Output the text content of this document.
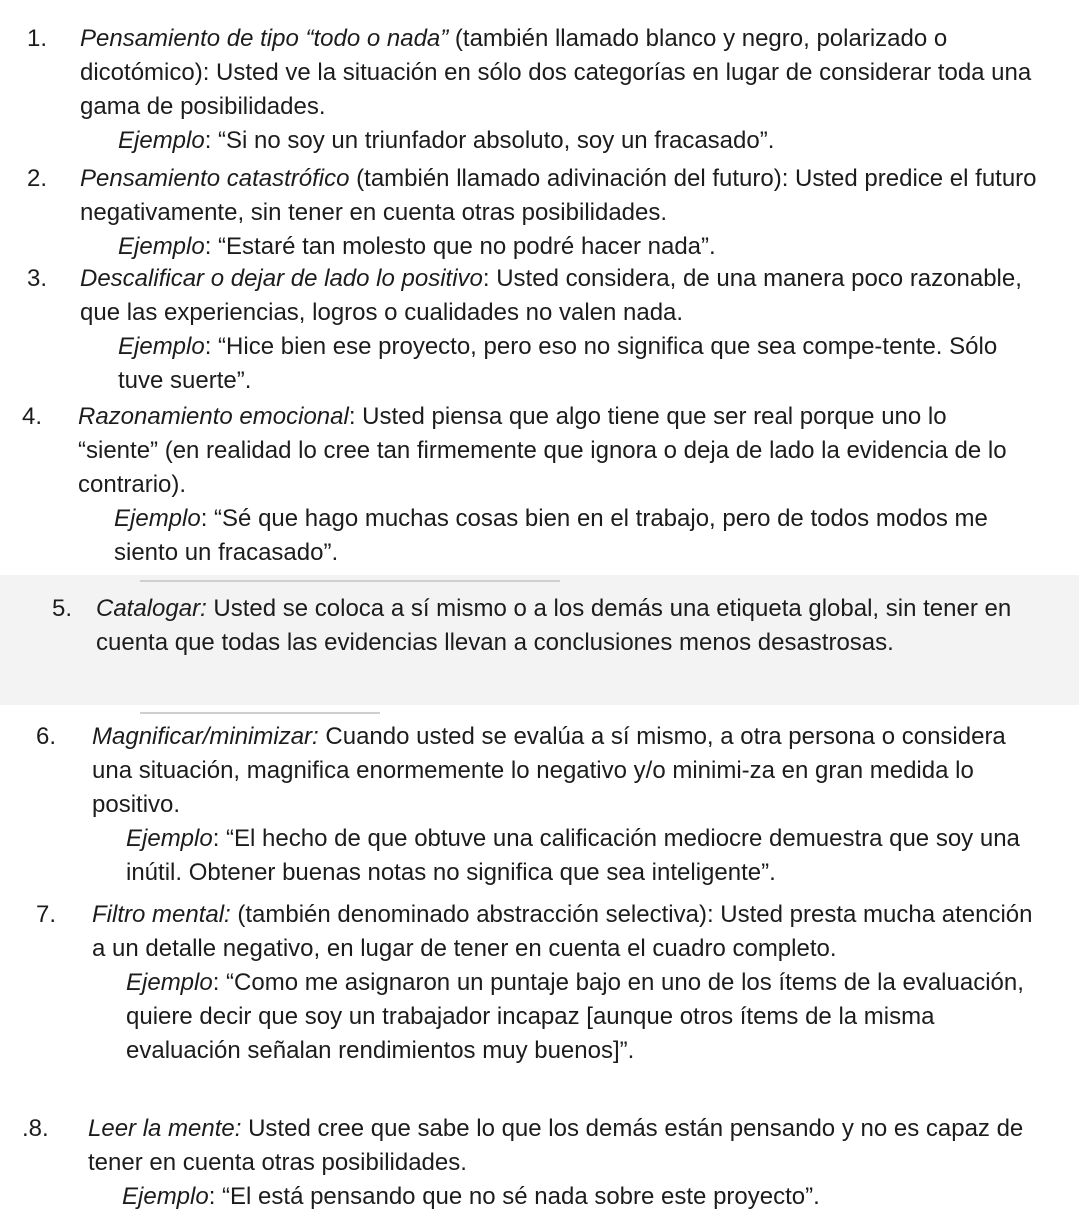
1.	Pensamiento de tipo “todo o nada” (también llamado blanco y negro, polarizado o dicotómico): Usted ve la situación en sólo dos categorías en lugar de considerar toda una gama de posibilidades.
Ejemplo: “Si no soy un triunfador absoluto, soy un fracasado”.
2.	Pensamiento catastrófico (también llamado adivinación del futuro): Usted predice el futuro negativamente, sin tener en cuenta otras posibilidades.
Ejemplo: “Estaré tan molesto que no podré hacer nada”.
3.	Descalificar o dejar de lado lo positivo: Usted considera, de una manera poco razonable, que las experiencias, logros o cualidades no valen nada.
Ejemplo: “Hice bien ese proyecto, pero eso no significa que sea compe-tente. Sólo tuve suerte”.
4.	Razonamiento emocional: Usted piensa que algo tiene que ser real porque uno lo “siente” (en realidad lo cree tan firmemente que ignora o deja de lado la evidencia de lo contrario).
Ejemplo: “Sé que hago muchas cosas bien en el trabajo, pero de todos modos me siento un fracasado”.
5. Catalogar: Usted se coloca a sí mismo o a los demás una etiqueta global, sin tener en cuenta que todas las evidencias llevan a conclusiones menos desastrosas.
6.	Magnificar/minimizar: Cuando usted se evalúa a sí mismo, a otra persona o considera una situación, magnifica enormemente lo negativo y/o minimi-za en gran medida lo positivo.
Ejemplo: “El hecho de que obtuve una calificación mediocre demuestra que soy una inútil. Obtener buenas notas no significa que sea inteligente”.
7.	Filtro mental: (también denominado abstracción selectiva): Usted presta mucha atención a un detalle negativo, en lugar de tener en cuenta el cuadro completo.
Ejemplo: “Como me asignaron un puntaje bajo en uno de los ítems de la evaluación, quiere decir que soy un trabajador incapaz [aunque otros ítems de la misma evaluación señalan rendimientos muy buenos]”.
.8.	Leer la mente: Usted cree que sabe lo que los demás están pensando y no es capaz de tener en cuenta otras posibilidades.
Ejemplo: “El está pensando que no sé nada sobre este proyecto”.
